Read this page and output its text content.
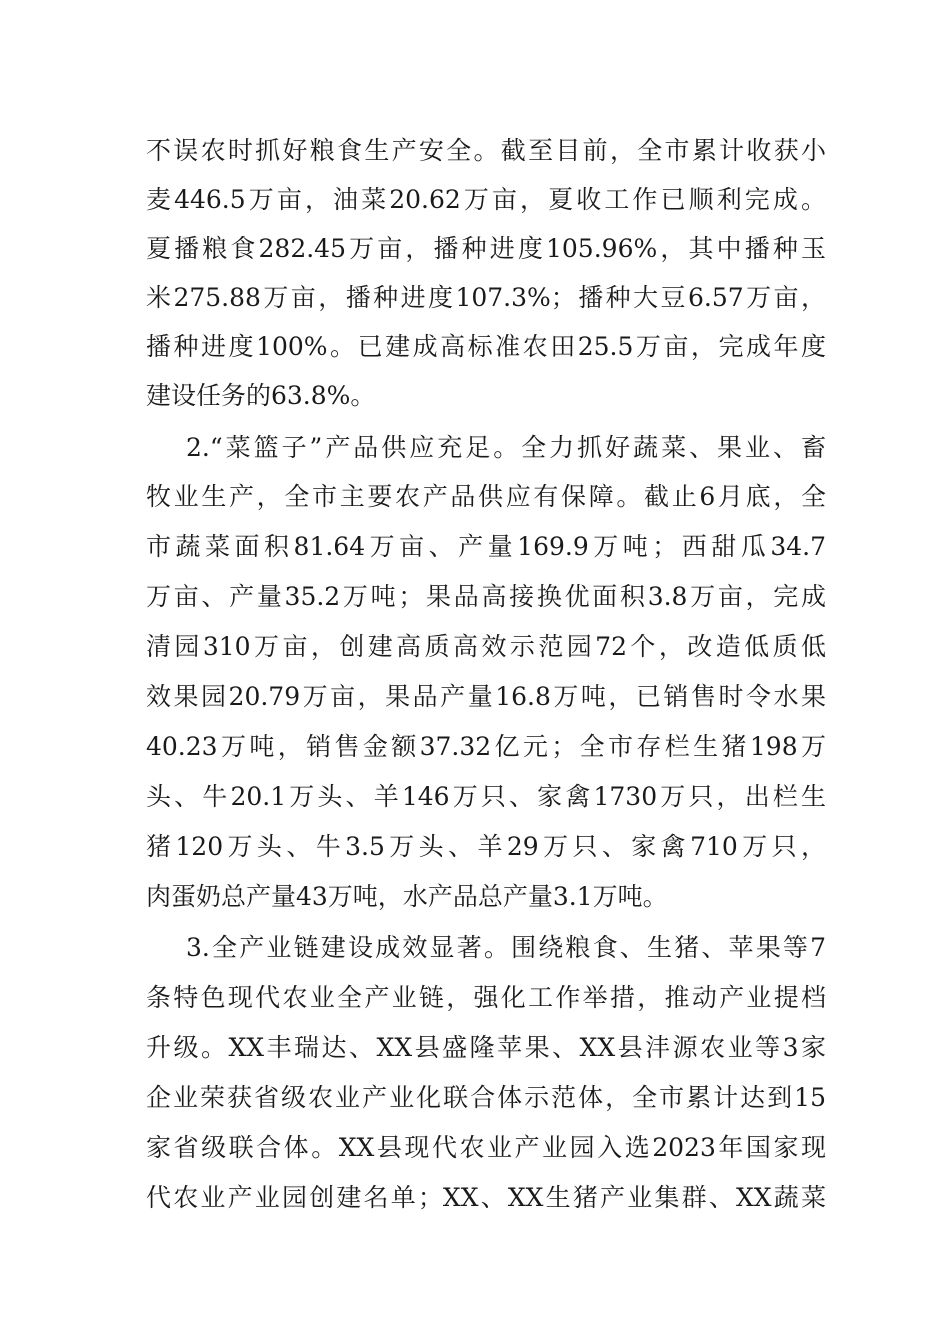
不误农时抓好粮食生产安全。截至目前，全市累计收获小
麦446.5万亩，油菜20.62万亩，夏收工作已顺利完成。
夏播粮食282.45万亩，播种进度105.96%，其中播种玉
米275.88万亩，播种进度107.3%；播种大豆6.57万亩，
播种进度100%。已建成高标准农田25.5万亩，完成年度
建设任务的63.8%。
2.“菜篮子”产品供应充足。全力抓好蔬菜、果业、畜
牧业生产，全市主要农产品供应有保障。截止6月底，全
市蔬菜面积81.64万亩、产量169.9万吨；西甜瓜34.7
万亩、产量35.2万吨；果品高接换优面积3.8万亩，完成
清园310万亩，创建高质高效示范园72个，改造低质低
效果园20.79万亩，果品产量16.8万吨，已销售时令水果
40.23万吨，销售金额37.32亿元；全市存栏生猪198万
头、牛20.1万头、羊146万只、家禽1730万只，出栏生
猪120万头、牛3.5万头、羊29万只、家禽710万只，
肉蛋奶总产量43万吨，水产品总产量3.1万吨。
3.全产业链建设成效显著。围绕粮食、生猪、苹果等7
条特色现代农业全产业链，强化工作举措，推动产业提档
升级。XX丰瑞达、XX县盛隆苹果、XX县沣源农业等3家
企业荣获省级农业产业化联合体示范体，全市累计达到15
家省级联合体。XX县现代农业产业园入选2023年国家现
代农业产业园创建名单；XX、XX生猪产业集群、XX蔬菜
